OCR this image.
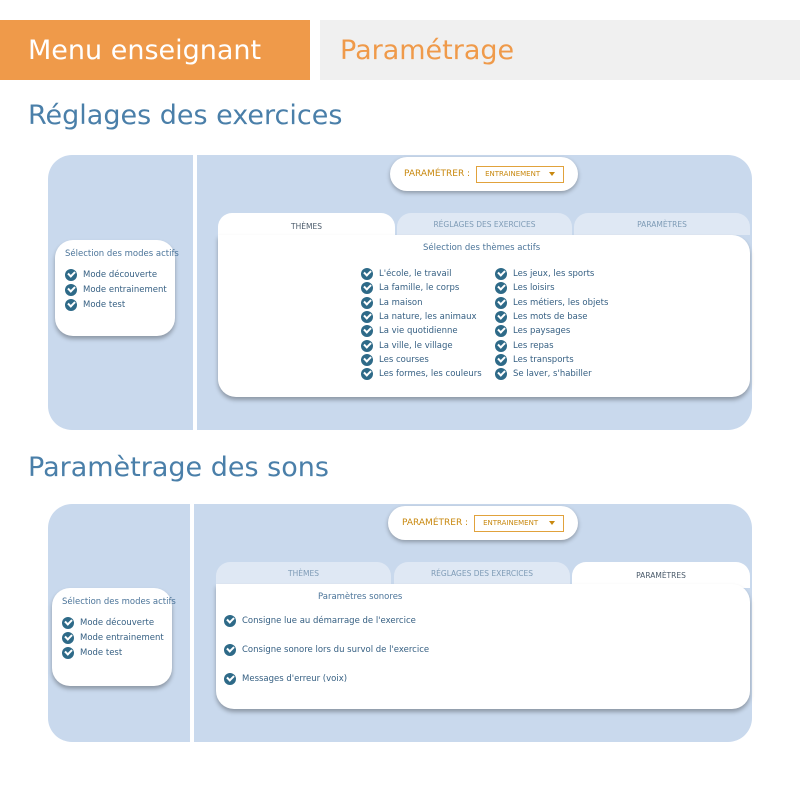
Menu enseignant	Paramétrage
Réglages des exercices
Sélection des modes actifs
Mode découverte
Mode entrainement
Mode test
PARAMÉTRER : ENTRAINEMENT
THÈMES	RÉGLAGES DES EXERCICES	PARAMÈTRES
Sélection des thèmes actifs
L'école, le travail
La famille, le corps
La maison
La nature, les animaux
La vie quotidienne
La ville, le village
Les courses
Les formes, les couleurs
Les jeux, les sports
Les loisirs
Les métiers, les objets
Les mots de base
Les paysages
Les repas
Les transports
Se laver, s'habiller
Paramètrage des sons
Sélection des modes actifs
Mode découverte
Mode entrainement
Mode test
PARAMÉTRER : ENTRAINEMENT
THÈMES	RÉGLAGES DES EXERCICES	PARAMÈTRES
Paramètres sonores
Consigne lue au démarrage de l'exercice
Consigne sonore lors du survol de l'exercice
Messages d'erreur (voix)
